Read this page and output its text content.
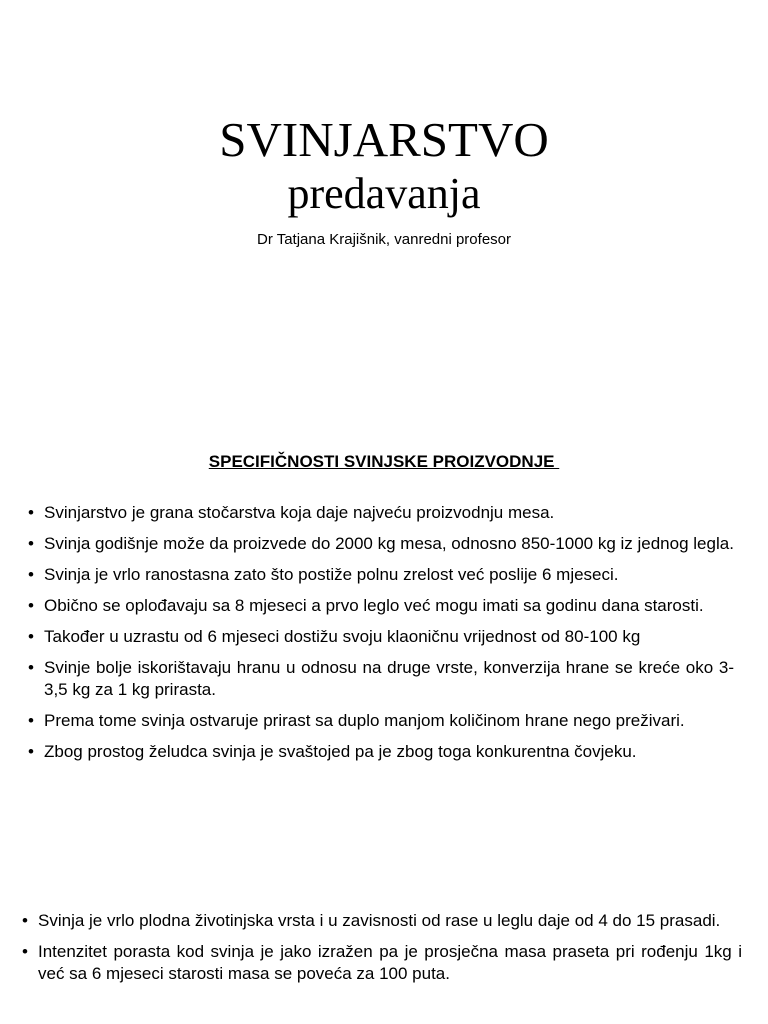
SVINJARSTVO
predavanja
Dr Tatjana Krajišnik, vanredni profesor
SPECIFIČNOSTI SVINJSKE PROIZVODNJE
• Svinjarstvo je grana stočarstva koja daje najveću proizvodnju mesa.
• Svinja godišnje može da proizvede do 2000 kg mesa, odnosno 850-1000 kg iz jednog legla.
• Svinja je vrlo ranostasna zato što postiže polnu zrelost već poslije 6 mjeseci.
• Obično se oplođavaju sa 8 mjeseci a prvo leglo već mogu imati sa godinu dana starosti.
• Također u uzrastu od 6 mjeseci dostižu svoju klaoničnu vrijednost od 80-100 kg
• Svinje bolje iskorištavaju hranu u odnosu na druge vrste, konverzija hrane se kreće oko 3-3,5 kg za 1 kg prirasta.
• Prema tome svinja ostvaruje prirast sa duplo manjom količinom hrane nego preživari.
• Zbog prostog želudca svinja je svaštojed pa je zbog toga konkurentna čovjeku.
• Svinja je vrlo plodna životinjska vrsta i u zavisnosti od rase u leglu daje od 4 do 15 prasadi.
• Intenzitet porasta kod svinja je jako izražen pa je prosječna masa praseta pri rođenju 1kg i već sa 6 mjeseci starosti masa se poveća za 100 puta.
